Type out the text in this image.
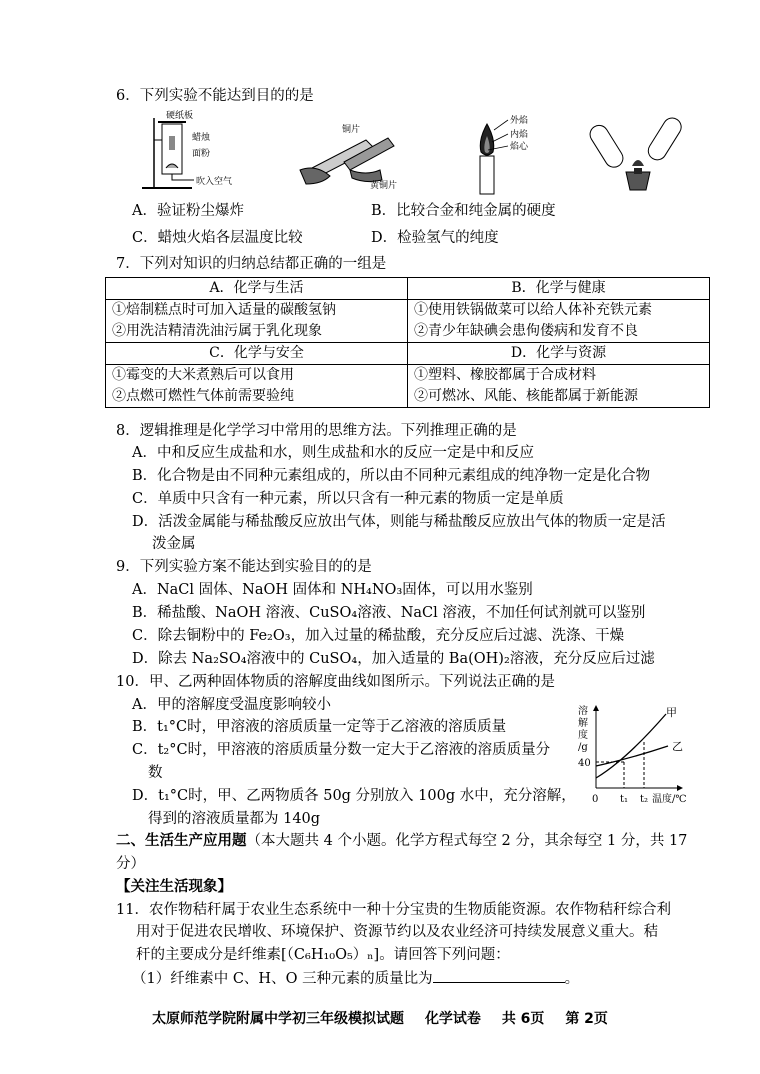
6．下列实验不能达到目的的是
硬纸板
蜡烛
面粉
吹入空气
铜片
黄铜片
外焰
内焰
焰心
A．验证粉尘爆炸	B．比较合金和纯金属的硬度
C．蜡烛火焰各层温度比较	D．检验氢气的纯度
7．下列对知识的归纳总结都正确的一组是
A．化学与生活	B．化学与健康
①焙制糕点时可加入适量的碳酸氢钠	①使用铁锅做菜可以给人体补充铁元素
②用洗洁精清洗油污属于乳化现象	②青少年缺碘会患佝偻病和发育不良
C．化学与安全	D．化学与资源
①霉变的大米煮熟后可以食用	①塑料、橡胶都属于合成材料
②点燃可燃性气体前需要验纯	②可燃冰、风能、核能都属于新能源
8．逻辑推理是化学学习中常用的思维方法。下列推理正确的是
A．中和反应生成盐和水，则生成盐和水的反应一定是中和反应
B．化合物是由不同种元素组成的，所以由不同种元素组成的纯净物一定是化合物
C．单质中只含有一种元素，所以只含有一种元素的物质一定是单质
D．活泼金属能与稀盐酸反应放出气体，则能与稀盐酸反应放出气体的物质一定是活
泼金属
9．下列实验方案不能达到实验目的的是
A．NaCl 固体、NaOH 固体和 NH₄NO₃固体，可以用水鉴别
B．稀盐酸、NaOH 溶液、CuSO₄溶液、NaCl 溶液，不加任何试剂就可以鉴别
C．除去铜粉中的 Fe₂O₃，加入过量的稀盐酸，充分反应后过滤、洗涤、干燥
D．除去 Na₂SO₄溶液中的 CuSO₄，加入适量的 Ba(OH)₂溶液，充分反应后过滤
10．甲、乙两种固体物质的溶解度曲线如图所示。下列说法正确的是
A．甲的溶解度受温度影响较小
B．t₁°C时，甲溶液的溶质质量一定等于乙溶液的溶质质量
C．t₂°C时，甲溶液的溶质质量分数一定大于乙溶液的溶质质量分
数
D．t₁°C时，甲、乙两物质各 50g 分别放入 100g 水中，充分溶解，
得到的溶液质量都为 140g
溶
解
度
/g
40
甲
乙
0 t₁ t₂ 温度/℃
二、生活生产应用题（本大题共 4 个小题。化学方程式每空 2 分，其余每空 1 分，共 17
分）
【关注生活现象】
11．农作物秸秆属于农业生态系统中一种十分宝贵的生物质能资源。农作物秸秆综合利
用对于促进农民增收、环境保护、资源节约以及农业经济可持续发展意义重大。秸
秆的主要成分是纤维素[（C₆H₁₀O₅）ₙ]。请回答下列问题：
（1）纤维素中 C、H、O 三种元素的质量比为	。
太原师范学院附属中学初三年级模拟试题 化学试卷 共 6页 第 2页
